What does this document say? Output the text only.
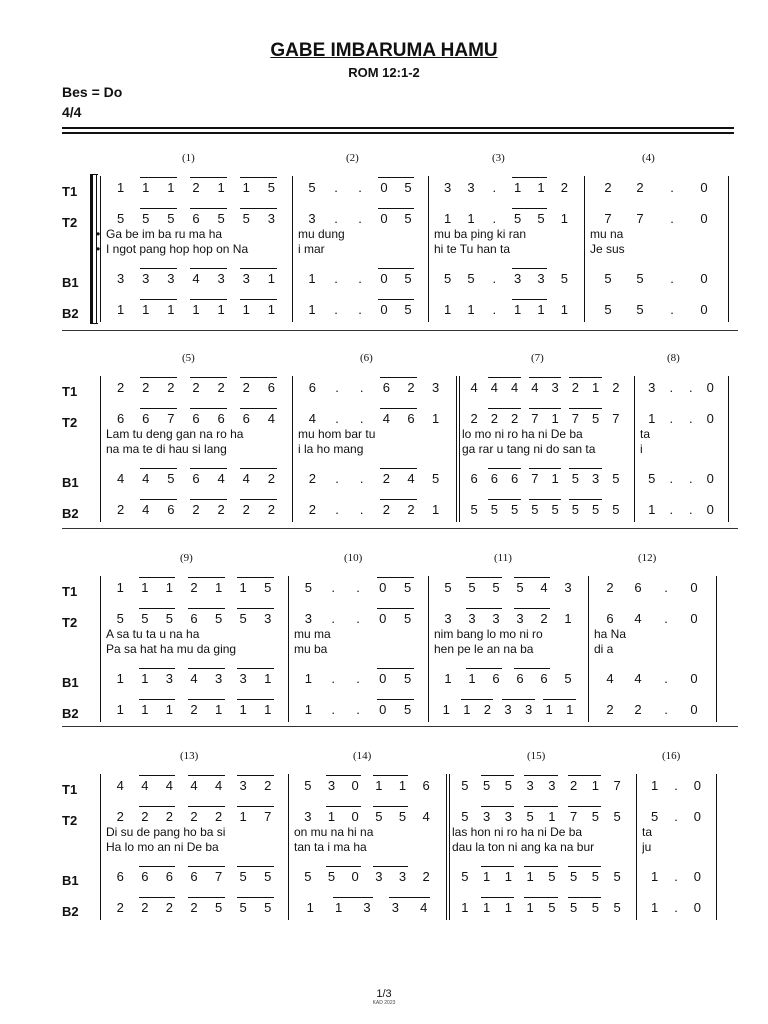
GABE IMBARUMA HAMU
ROM 12:1-2
Bes = Do
4/4
(1)	(2)	(3)	(4)
T1
T2
B1
B2
1	1	1	2	1	1	5	5	.	.	0	5	3	3	.	1	1	2	2	2	.	0
5	5	5	6	5	5	3	3	.	.	0	5	1	1	.	5	5	1	7	7	.	0
3	3	3	4	3	3	1	1	.	.	0	5	5	5	.	3	3	5	5	5	.	0
1	1	1	1	1	1	1	1	.	.	0	5	1	1	.	1	1	1	5	5	.	0
• Ga be im ba ru ma ha	mu dung	mu ba ping ki ran	mu na
• I ngot pang hop hop on Na	i mar	hi te Tu han ta	Je sus
(5)	(6)	(7)	(8)
T1
T2
B1
B2
2	2	2	2	2	2	6	6	.	.	6	2	3	4	4	4	4	3	2	1	2	3	.	.	0
6	6	7	6	6	6	4	4	.	.	4	6	1	2	2	2	7	1	7	5	7	1	.	.	0
4	4	5	6	4	4	2	2	.	.	2	4	5	6	6	6	7	1	5	3	5	5	.	.	0
2	4	6	2	2	2	2	2	.	.	2	2	1	5	5	5	5	5	5	5	5	1	.	.	0
Lam tu deng gan na ro ha	mu hom bar tu	lo mo ni ro ha ni De ba	ta
na ma te di hau si lang	i la ho mang	ga rar u tang ni do san ta	i
(9)	(10)	(11)	(12)
T1
T2
B1
B2
1	1	1	2	1	1	5	5	.	.	0	5	5	5	5	5	4	3	2	6	.	0
5	5	5	6	5	5	3	3	.	.	0	5	3	3	3	3	2	1	6	4	.	0
1	1	3	4	3	3	1	1	.	.	0	5	1	1	6	6	6	5	4	4	.	0
1	1	1	2	1	1	1	1	.	.	0	5	1	1	2	3	3	1	1	2	2	.	0
A sa tu ta u na ha	mu ma	nim bang lo mo ni ro	ha Na
Pa sa hat ha mu da ging	mu ba	hen pe le an na ba	di a
(13)	(14)	(15)	(16)
T1
T2
B1
B2
4	4	4	4	4	3	2	5	3	0	1	1	6	5	5	5	3	3	2	1	7	1	.	0
2	2	2	2	2	1	7	3	1	0	5	5	4	5	3	3	5	1	7	5	5	5	.	0
6	6	6	6	7	5	5	5	5	0	3	3	2	5	1	1	1	5	5	5	5	1	.	0
2	2	2	2	5	5	5	1	1	3	3	4	1	1	1	1	5	5	5	5	1	.	0
Di su de pang ho ba si	on mu na hi na	las hon ni ro ha ni De ba	ta
Ha lo mo an ni De ba	tan ta i ma ha	dau la ton ni ang ka na bur	ju
1/3
KAD 2023
